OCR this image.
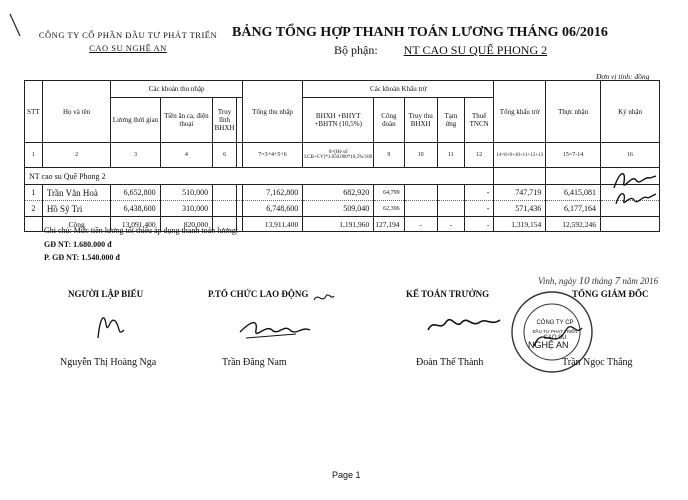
CÔNG TY CỔ PHẦN ĐẦU TƯ PHÁT TRIỂN
CAO SU NGHỆ AN
BẢNG TỔNG HỢP THANH TOÁN LƯƠNG THÁNG 06/2016
Bộ phận: NT CAO SU QUẾ PHONG 2
Đơn vị tính: đồng
STT	Họ và tên	Các khoản thu nhập				Tổng thu nhập	Các khoản Khấu trừ					Tổng khấu trừ	Thực nhận	Ký nhận
		Lương thời gian	Tiền ăn ca, điện thoại	Truy lĩnh BHXH			BHXH +BHYT +BHTN (10,5%)	Công đoàn	Truy thu BHXH	Tạm ứng	Thuế TNCN			
1	2	3	4	6		7=3+4+5+6	8=(Hệ số LCB+CV)*1.050.000*10,5%/100	9	10	11	12	14=8+9+10+11+12+13	15=7-14	16
NT cao su Quế Phong 2														
1	Trần Văn Hoà	6,652,800	510,000			7,162,800	682,920	64,799			-	747,719	6,415,081	
2	Hồ Sỹ Tri	6,438,600	310,000			6,748,600	509,040	62,396			-	571,436	6,177,164	
	Cộng	13,091,400	820,000			13,911,400	1,191,960	127,194	-	-	-	1,319,154	12,592,246	
Ghi chú: Mức tiền lương tối thiểu áp dụng thanh toán lương:
GĐ NT: 1.680.000 đ
P. GĐ NT: 1.540.000 đ
Vinh, ngày 10 tháng 7 năm 2016
NGƯỜI LẬP BIỂU	P.TỔ CHỨC LAO ĐỘNG	KẾ TOÁN TRƯỞNG	TỔNG GIÁM ĐỐC
CÔNG TY CP
ĐẦU TƯ PHÁT TRIỂN
CAO SU
NGHỆ AN
Nguyễn Thị Hoàng Nga	Trần Đăng Nam	Đoàn Thế Thành	Trần Ngọc Thắng
Page 1
